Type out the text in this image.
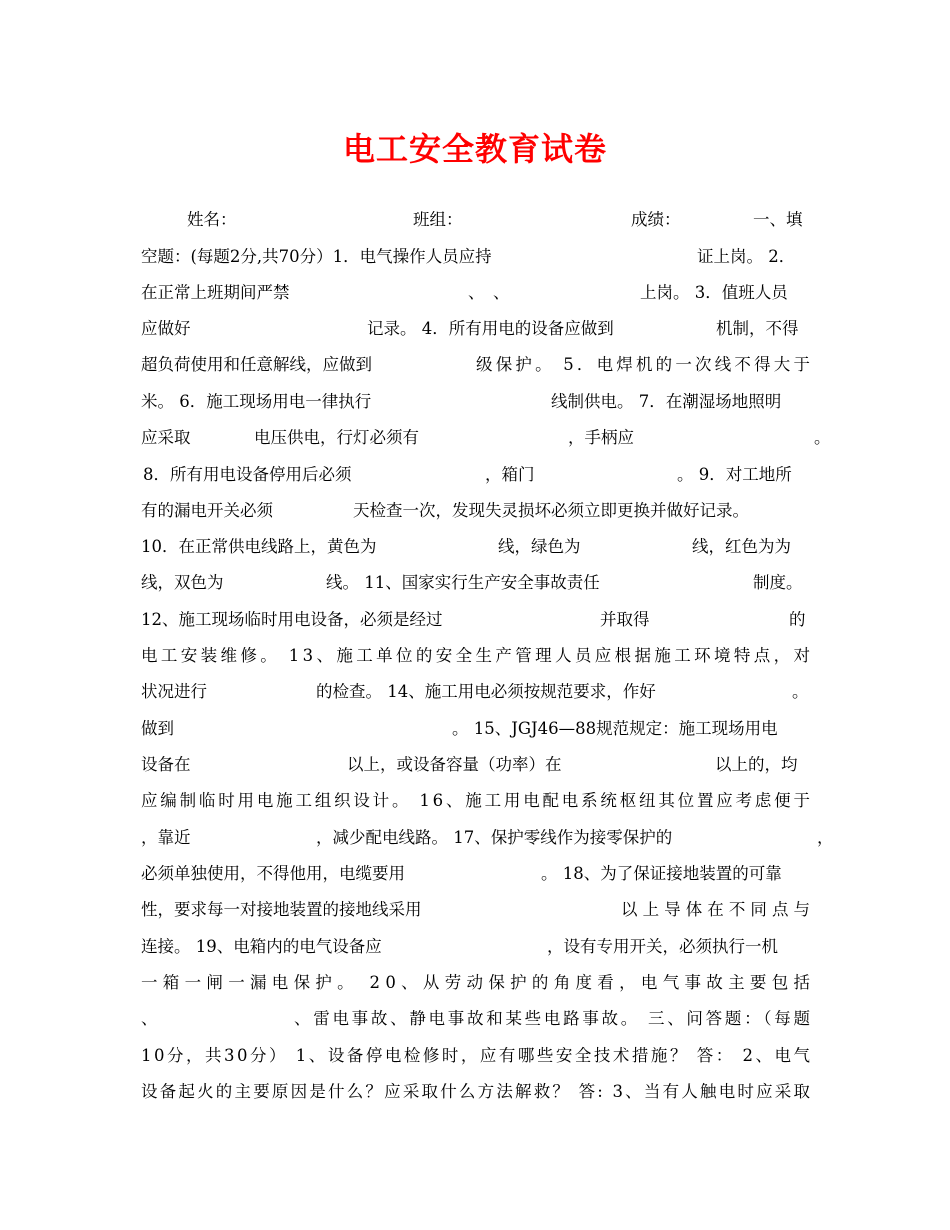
电工安全教育试卷
姓名：	班组：	成绩：	一、填
空题：(每题2分,共70分）1．电气操作人员应持	证上岗。 2．
在正常上班期间严禁	、 、	上岗。 3．值班人员
应做好	记录。 4．所有用电的设备应做到	机制，不得
超负荷使用和任意解线，应做到	级保护。 5．电焊机的一次线不得大于
米。 6．施工现场用电一律执行	线制供电。 7．在潮湿场地照明
应采取	电压供电，行灯必须有	，手柄应	。
8．所有用电设备停用后必须	，箱门	。 9．对工地所
有的漏电开关必须	天检查一次，发现失灵损坏必须立即更换并做好记录。
10．在正常供电线路上，黄色为	线，绿色为	线，红色为为
线，双色为	线。 11、国家实行生产安全事故责任	制度。
12、施工现场临时用电设备，必须是经过	并取得	的
电工安装维修。 13、施工单位的安全生产管理人员应根据施工环境特点，对
状况进行	的检查。 14、施工用电必须按规范要求，作好	。
做到	。 15、JGJ46—88规范规定：施工现场用电
设备在	以上，或设备容量（功率）在	以上的，均
应编制临时用电施工组织设计。 16、施工用电配电系统枢纽其位置应考虑便于
，靠近	，减少配电线路。 17、保护零线作为接零保护的	，
必须单独使用，不得他用，电缆要用	。 18、为了保证接地装置的可靠
性，要求每一对接地装置的接地线采用	以上导体在不同点与
连接。 19、电箱内的电气设备应	，设有专用开关，必须执行一机
一箱一闸一漏电保护。 20、从劳动保护的角度看，电气事故主要包括
、	、雷电事故、静电事故和某些电路事故。 三、问答题：（每题
10分，共30分） 1、设备停电检修时，应有哪些安全技术措施？ 答： 2、电气
设备起火的主要原因是什么？应采取什么方法解救？ 答: 3、当有人触电时应采取
